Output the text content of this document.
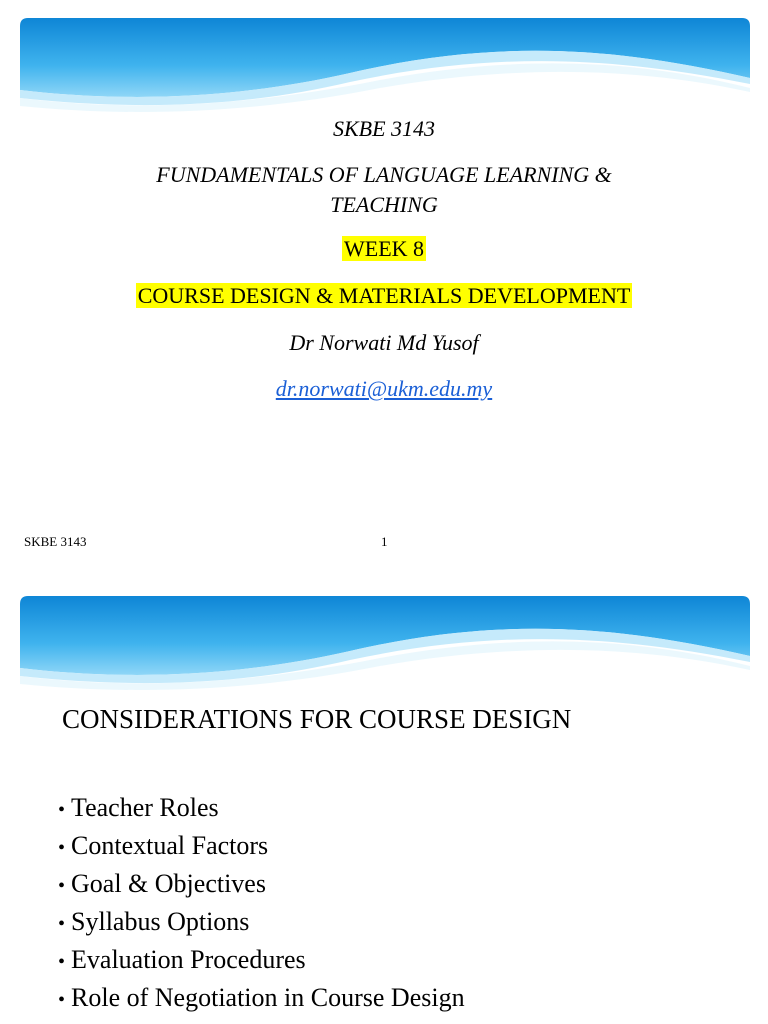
SKBE 3143
FUNDAMENTALS OF LANGUAGE LEARNING & TEACHING
WEEK 8
COURSE DESIGN & MATERIALS DEVELOPMENT
Dr Norwati Md Yusof
dr.norwati@ukm.edu.my
SKBE 3143	1
CONSIDERATIONS FOR COURSE DESIGN
• Teacher Roles
• Contextual Factors
• Goal & Objectives
• Syllabus Options
• Evaluation Procedures
• Role of Negotiation in Course Design
